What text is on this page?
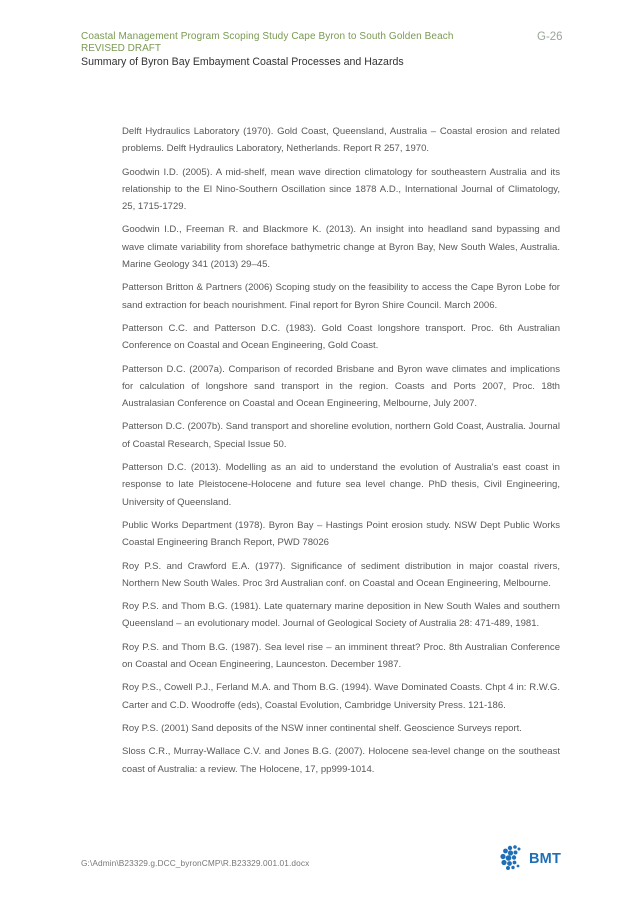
Coastal Management Program Scoping Study Cape Byron to South Golden Beach
REVISED DRAFT
Summary of Byron Bay Embayment Coastal Processes and Hazards
G-26

Delft Hydraulics Laboratory (1970). Gold Coast, Queensland, Australia – Coastal erosion and related problems. Delft Hydraulics Laboratory, Netherlands. Report R 257, 1970.

Goodwin I.D. (2005). A mid-shelf, mean wave direction climatology for southeastern Australia and its relationship to the El Nino-Southern Oscillation since 1878 A.D., International Journal of Climatology, 25, 1715-1729.

Goodwin I.D., Freeman R. and Blackmore K. (2013). An insight into headland sand bypassing and wave climate variability from shoreface bathymetric change at Byron Bay, New South Wales, Australia. Marine Geology 341 (2013) 29–45.

Patterson Britton & Partners (2006) Scoping study on the feasibility to access the Cape Byron Lobe for sand extraction for beach nourishment. Final report for Byron Shire Council. March 2006.

Patterson C.C. and Patterson D.C. (1983). Gold Coast longshore transport. Proc. 6th Australian Conference on Coastal and Ocean Engineering, Gold Coast.

Patterson D.C. (2007a). Comparison of recorded Brisbane and Byron wave climates and implications for calculation of longshore sand transport in the region. Coasts and Ports 2007, Proc. 18th Australasian Conference on Coastal and Ocean Engineering, Melbourne, July 2007.

Patterson D.C. (2007b). Sand transport and shoreline evolution, northern Gold Coast, Australia. Journal of Coastal Research, Special Issue 50.

Patterson D.C. (2013). Modelling as an aid to understand the evolution of Australia's east coast in response to late Pleistocene-Holocene and future sea level change. PhD thesis, Civil Engineering, University of Queensland.

Public Works Department (1978). Byron Bay – Hastings Point erosion study. NSW Dept Public Works Coastal Engineering Branch Report, PWD 78026

Roy P.S. and Crawford E.A. (1977). Significance of sediment distribution in major coastal rivers, Northern New South Wales. Proc 3rd Australian conf. on Coastal and Ocean Engineering, Melbourne.

Roy P.S. and Thom B.G. (1981). Late quaternary marine deposition in New South Wales and southern Queensland – an evolutionary model. Journal of Geological Society of Australia 28: 471-489, 1981.

Roy P.S. and Thom B.G. (1987). Sea level rise – an imminent threat? Proc. 8th Australian Conference on Coastal and Ocean Engineering, Launceston. December 1987.

Roy P.S., Cowell P.J., Ferland M.A. and Thom B.G. (1994). Wave Dominated Coasts. Chpt 4 in: R.W.G. Carter and C.D. Woodroffe (eds), Coastal Evolution, Cambridge University Press. 121-186.

Roy P.S. (2001) Sand deposits of the NSW inner continental shelf. Geoscience Surveys report.

Sloss C.R., Murray-Wallace C.V. and Jones B.G. (2007). Holocene sea-level change on the southeast coast of Australia: a review. The Holocene, 17, pp999-1014.

G:\Admin\B23329.g.DCC_byronCMP\R.B23329.001.01.docx	BMT
